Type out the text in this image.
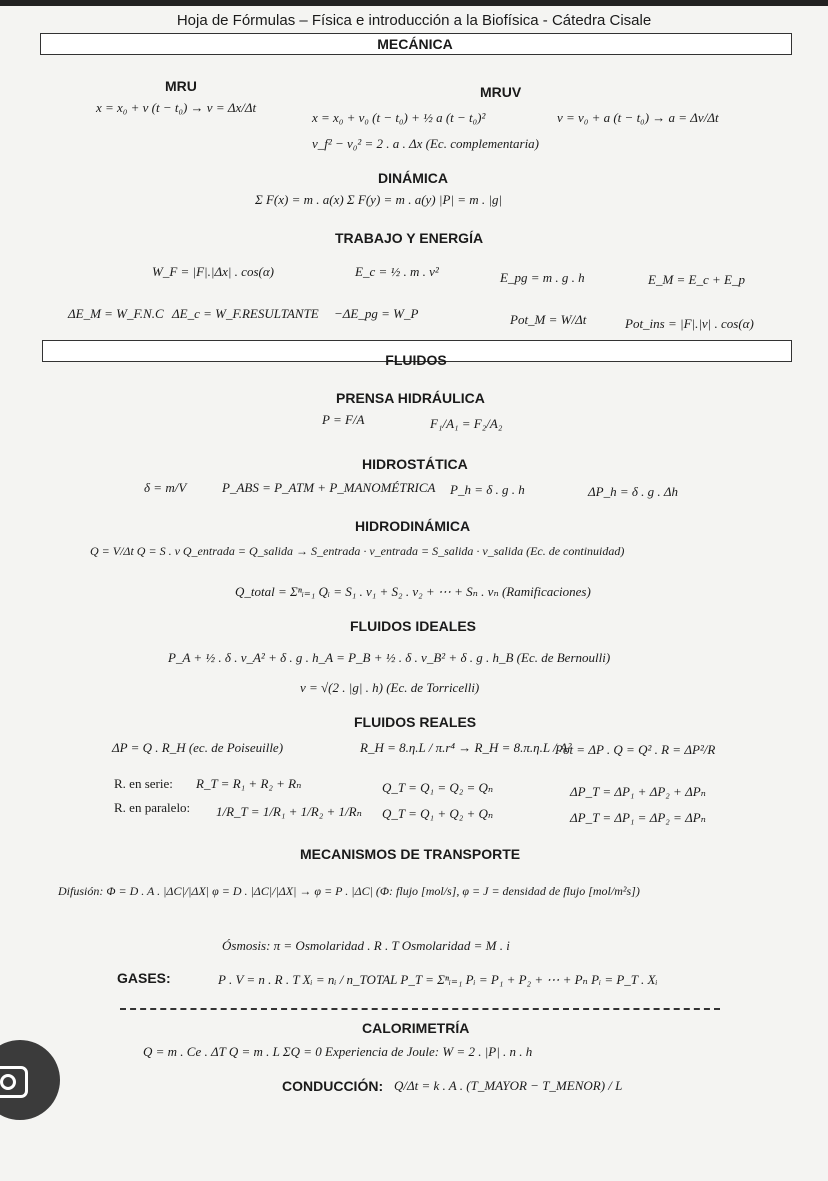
Hoja de Fórmulas – Física e introducción a la Biofísica - Cátedra Cisale
MECÁNICA
MRU	MRUV
x = x₀ + v (t − t₀) → v = Δx/Δt
x = x₀ + v₀ (t − t₀) + ½ a (t − t₀)²	v = v₀ + a (t − t₀) → a = Δv/Δt
v_f² − v₀² = 2 . a . Δx (Ec. complementaria)
DINÁMICA
Σ F(x) = m . a(x) Σ F(y) = m . a(y) |P| = m . |g|
TRABAJO Y ENERGÍA
W_F = |F|.|Δx| . cos(α)	E_c = ½ . m . v²	E_pg = m . g . h	E_M = E_c + E_p
ΔE_M = W_F.N.C ΔE_c = W_F.RESULTANTE −ΔE_pg = W_P	Pot_M = W/Δt	Pot_ins = |F|.|v| . cos(α)
FLUIDOS
PRENSA HIDRÁULICA
P = F/A	F₁/A₁ = F₂/A₂
HIDROSTÁTICA
δ = m/V	P_ABS = P_ATM + P_MANOMÉTRICA P_h = δ . g . h	ΔP_h = δ . g . Δh
HIDRODINÁMICA
Q = V/Δt Q = S . v Q_entrada = Q_salida → S_entrada · v_entrada = S_salida · v_salida (Ec. de continuidad)
Q_total = Σⁿᵢ₌₁ Qᵢ = S₁ . v₁ + S₂ . v₂ + ⋯ + Sₙ . vₙ (Ramificaciones)
FLUIDOS IDEALES
P_A + ½ . δ . v_A² + δ . g . h_A = P_B + ½ . δ . v_B² + δ . g . h_B (Ec. de Bernoulli)
v = √(2 . |g| . h) (Ec. de Torricelli)
FLUIDOS REALES
ΔP = Q . R_H (ec. de Poiseuille)	R_H = 8.η.L / π.r⁴ → R_H = 8.π.η.L / A²
Pot = ΔP . Q = Q² . R = ΔP²/R
R. en serie: R_T = R₁ + R₂ + Rₙ	Q_T = Q₁ = Q₂ = Qₙ	ΔP_T = ΔP₁ + ΔP₂ + ΔPₙ
R. en paralelo: 1/R_T = 1/R₁ + 1/R₂ + 1/Rₙ Q_T = Q₁ + Q₂ + Qₙ	ΔP_T = ΔP₁ = ΔP₂ = ΔPₙ
MECANISMOS DE TRANSPORTE
Difusión: Φ = D . A . |ΔC|/|ΔX| φ = D . |ΔC|/|ΔX| → φ = P . |ΔC| (Φ: flujo [mol/s], φ = J = densidad de flujo [mol/m²s])
Ósmosis: π = Osmolaridad . R . T Osmolaridad = M . i
GASES:	P . V = n . R . T Xᵢ = nᵢ / n_TOTAL P_T = Σⁿᵢ₌₁ Pᵢ = P₁ + P₂ + ⋯ + Pₙ Pᵢ = P_T . Xᵢ
CALORIMETRÍA
Q = m . Ce . ΔT Q = m . L ΣQ = 0 Experiencia de Joule: W = 2 . |P| . n . h
CONDUCCIÓN: Q/Δt = k . A . (T_MAYOR − T_MENOR) / L
